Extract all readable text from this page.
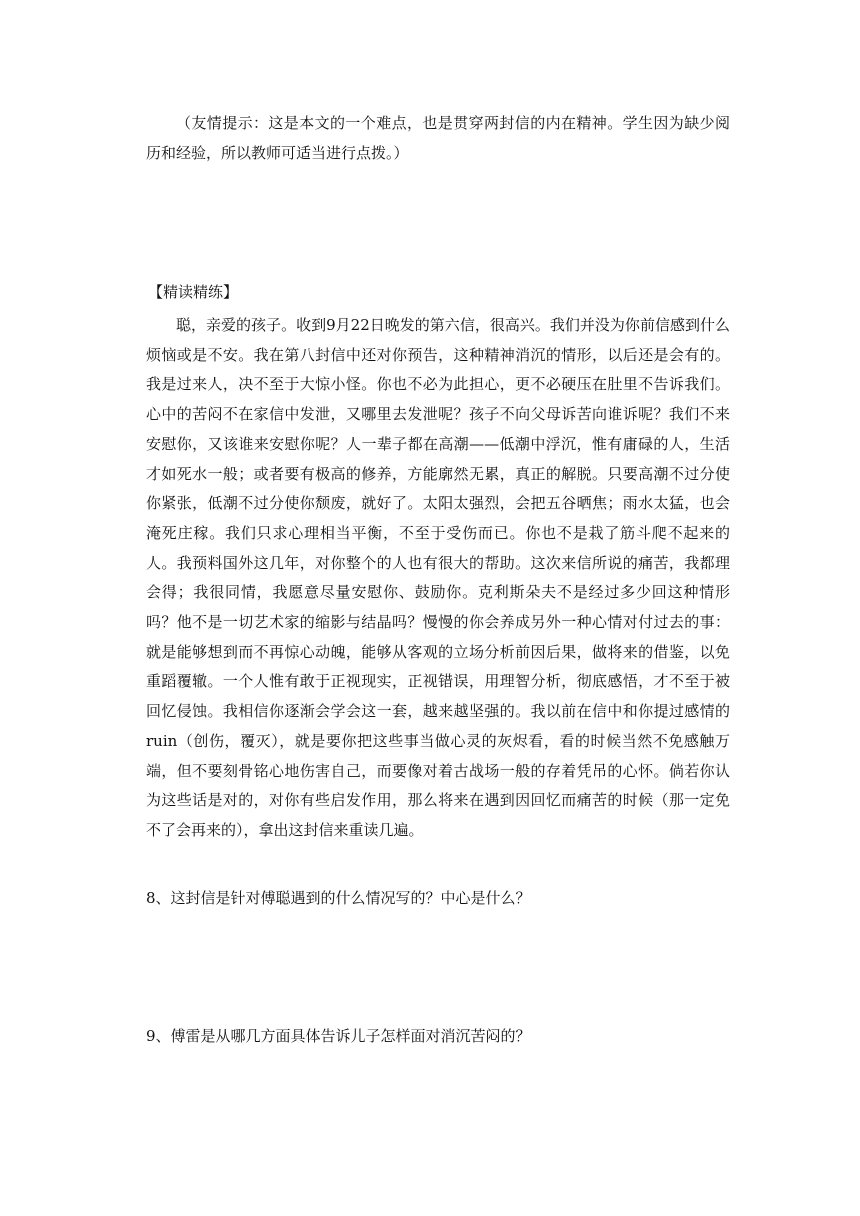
（友情提示：这是本文的一个难点，也是贯穿两封信的内在精神。学生因为缺少阅历和经验，所以教师可适当进行点拨。）

【精读精练】

聪，亲爱的孩子。收到9月22日晚发的第六信，很高兴。我们并没为你前信感到什么烦恼或是不安。我在第八封信中还对你预告，这种精神消沉的情形，以后还是会有的。我是过来人，决不至于大惊小怪。你也不必为此担心，更不必硬压在肚里不告诉我们。心中的苦闷不在家信中发泄，又哪里去发泄呢？孩子不向父母诉苦向谁诉呢？我们不来安慰你，又该谁来安慰你呢？人一辈子都在高潮——低潮中浮沉，惟有庸碌的人，生活才如死水一般；或者要有极高的修养，方能廓然无累，真正的解脱。只要高潮不过分使你紧张，低潮不过分使你颓废，就好了。太阳太强烈，会把五谷晒焦；雨水太猛，也会淹死庄稼。我们只求心理相当平衡，不至于受伤而已。你也不是栽了筋斗爬不起来的人。我预料国外这几年，对你整个的人也有很大的帮助。这次来信所说的痛苦，我都理会得；我很同情，我愿意尽量安慰你、鼓励你。克利斯朵夫不是经过多少回这种情形吗？他不是一切艺术家的缩影与结晶吗？慢慢的你会养成另外一种心情对付过去的事：就是能够想到而不再惊心动魄，能够从客观的立场分析前因后果，做将来的借鉴，以免重蹈覆辙。一个人惟有敢于正视现实，正视错误，用理智分析，彻底感悟，才不至于被回忆侵蚀。我相信你逐渐会学会这一套，越来越坚强的。我以前在信中和你提过感情的ruin（创伤，覆灭），就是要你把这些事当做心灵的灰烬看，看的时候当然不免感触万端，但不要刻骨铭心地伤害自己，而要像对着古战场一般的存着凭吊的心怀。倘若你认为这些话是对的，对你有些启发作用，那么将来在遇到因回忆而痛苦的时候（那一定免不了会再来的），拿出这封信来重读几遍。

8、这封信是针对傅聪遇到的什么情况写的？中心是什么？

9、傅雷是从哪几方面具体告诉儿子怎样面对消沉苦闷的？
